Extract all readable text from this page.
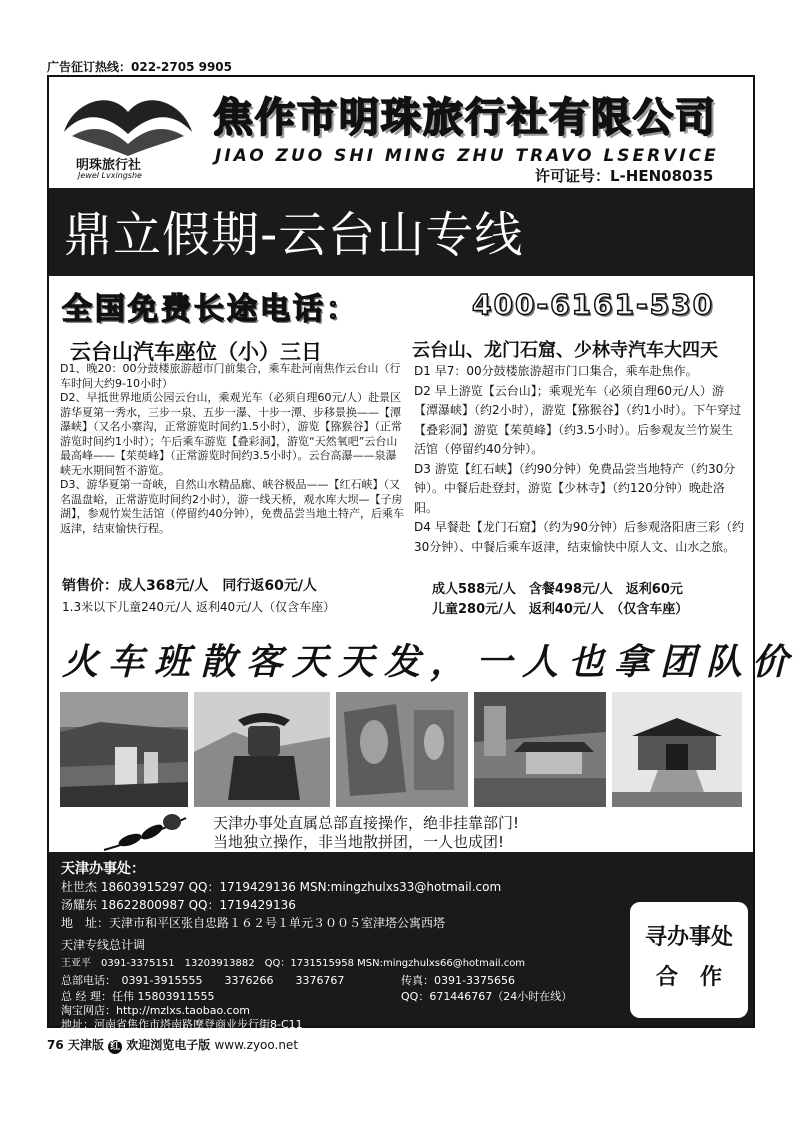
广告征订热线：022-2705 9905
明珠旅行社
Jewel Lvxingshe
焦作市明珠旅行社有限公司
JIAO ZUO SHI MING ZHU TRAVO LSERVICE
许可证号：L-HEN08035
鼎立假期-云台山专线
全国免费长途电话：	400-6161-530
云台山汽车座位（小）三日

D1、晚20：00分鼓楼旅游超市门前集合，乘车赴河南焦作云台山（行车时间大约9-10小时）

D2、早抵世界地质公园云台山，乘观光车（必须自理60元/人）赴景区游华夏第一秀水，三步一泉、五步一瀑、十步一潭、步移景换——【潭瀑峡】（又名小寨沟，正常游览时间约1.5小时），游览【猕猴谷】（正常游览时间约1小时）；午后乘车游览【叠彩洞】，游览“天然氧吧”云台山最高峰——【茱萸峰】（正常游览时间约3.5小时）。云台高瀑——泉瀑峡无水期间暂不游览。

D3、游华夏第一奇峡，自然山水精品廊、峡谷极品——【红石峡】（又名温盘峪，正常游览时间约2小时），游一线天桥，观水库大坝—【子房湖】，参观竹炭生活馆（停留约40分钟），免费品尝当地土特产，后乘车返津，结束愉快行程。

销售价：成人368元/人　同行返60元/人
1.3米以下儿童240元/人 返利40元/人（仅含车座）
云台山、龙门石窟、少林寺汽车大四天

D1 早7：00分鼓楼旅游超市门口集合，乘车赴焦作。

D2 早上游览【云台山】；乘观光车（必须自理60元/人）游【潭瀑峡】（约2小时），游览【猕猴谷】（约1小时）。下午穿过【叠彩洞】游览【茱萸峰】（约3.5小时）。后参观友兰竹炭生活馆（停留约40分钟）。

D3 游览【红石峡】（约90分钟）免费品尝当地特产（约30分钟）。中餐后赴登封，游览【少林寺】（约120分钟）晚赴洛阳。

D4 早餐赴【龙门石窟】（约为90分钟）后参观洛阳唐三彩（约30分钟）、中餐后乘车返津，结束愉快中原人文、山水之旅。

成人588元/人　含餐498元/人　返利60元
儿童280元/人　返利40元/人　（仅含车座）
火车班散客天天发，一人也拿团队价
天津办事处直属总部直接操作，绝非挂靠部门!
当地独立操作，非当地散拼团，一人也成团!
天津办事处：
杜世杰 18603915297 QQ：1719429136 MSN:mingzhulxs33@hotmail.com
汤耀东 18622800987 QQ：1719429136
地　址：天津市和平区张自忠路１６２号１单元３００５室津塔公寓西塔
天津专线总计调
王亚平　0391-3375151　13203913882　QQ：1731515958 MSN:mingzhulxs66@hotmail.com
总部电话：　0391-3915555　　3376266　　3376767	传真：0391-3375656
总 经 理：任伟 15803911555	QQ：671446767（24小时在线）
淘宝网店：http://mzlxs.taobao.com
地址：河南省焦作市塔南路摩登商业步行街8-C11
寻办事处
合　作
76 天津版 红 欢迎浏览电子版 www.zyoo.net
